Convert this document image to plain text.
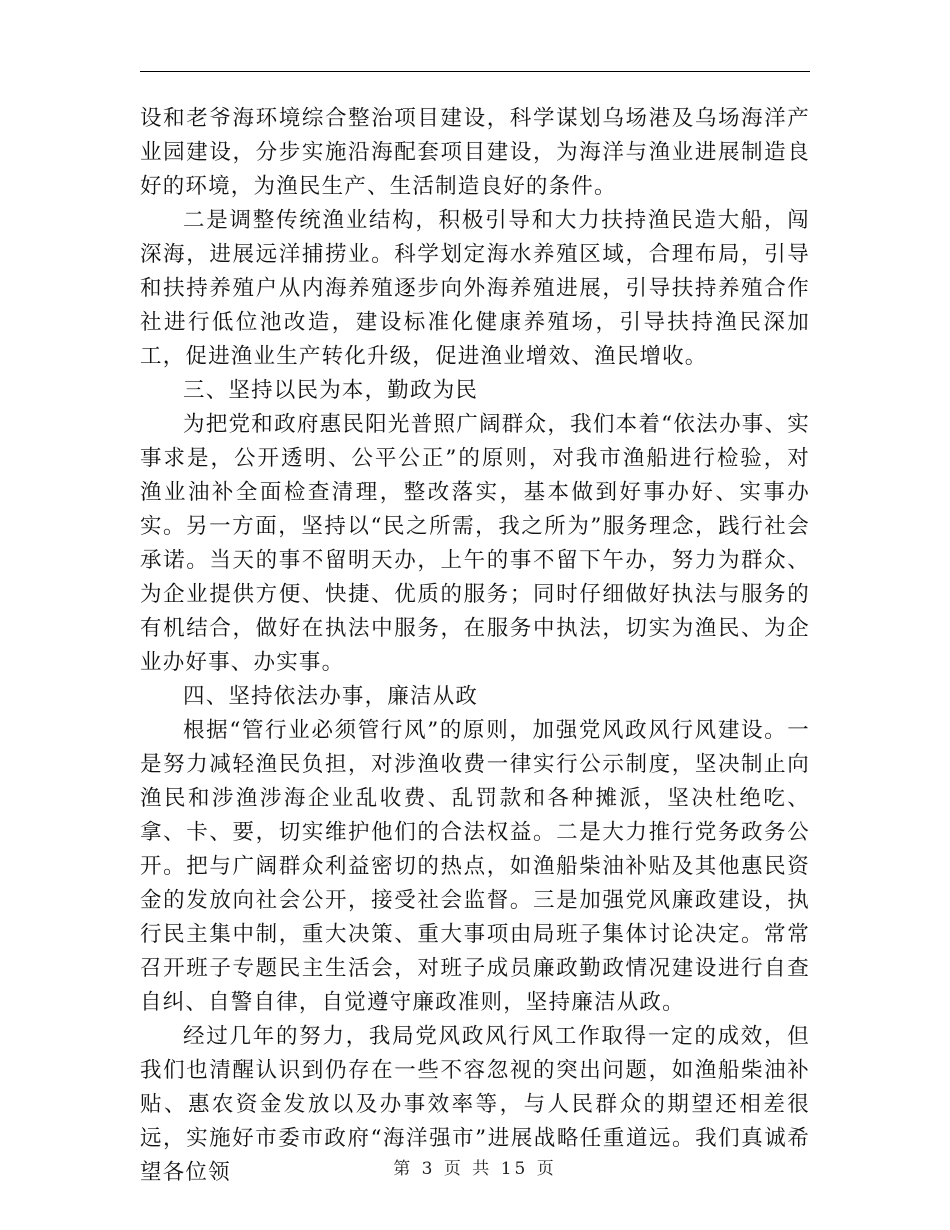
设和老爷海环境综合整治项目建设，科学谋划乌场港及乌场海洋产业园建设，分步实施沿海配套项目建设，为海洋与渔业进展制造良好的环境，为渔民生产、生活制造良好的条件。

二是调整传统渔业结构，积极引导和大力扶持渔民造大船，闯深海，进展远洋捕捞业。科学划定海水养殖区域，合理布局，引导和扶持养殖户从内海养殖逐步向外海养殖进展，引导扶持养殖合作社进行低位池改造，建设标准化健康养殖场，引导扶持渔民深加工，促进渔业生产转化升级，促进渔业增效、渔民增收。

三、坚持以民为本，勤政为民

为把党和政府惠民阳光普照广阔群众，我们本着“依法办事、实事求是，公开透明、公平公正”的原则，对我市渔船进行检验，对渔业油补全面检查清理，整改落实，基本做到好事办好、实事办实。另一方面，坚持以“民之所需，我之所为”服务理念，践行社会承诺。当天的事不留明天办，上午的事不留下午办，努力为群众、为企业提供方便、快捷、优质的服务；同时仔细做好执法与服务的有机结合，做好在执法中服务，在服务中执法，切实为渔民、为企业办好事、办实事。

四、坚持依法办事，廉洁从政

根据“管行业必须管行风”的原则，加强党风政风行风建设。一是努力减轻渔民负担，对涉渔收费一律实行公示制度，坚决制止向渔民和涉渔涉海企业乱收费、乱罚款和各种摊派，坚决杜绝吃、拿、卡、要，切实维护他们的合法权益。二是大力推行党务政务公开。把与广阔群众利益密切的热点，如渔船柴油补贴及其他惠民资金的发放向社会公开，接受社会监督。三是加强党风廉政建设，执行民主集中制，重大决策、重大事项由局班子集体讨论决定。常常召开班子专题民主生活会，对班子成员廉政勤政情况建设进行自查自纠、自警自律，自觉遵守廉政准则，坚持廉洁从政。

经过几年的努力，我局党风政风行风工作取得一定的成效，但我们也清醒认识到仍存在一些不容忽视的突出问题，如渔船柴油补贴、惠农资金发放以及办事效率等，与人民群众的期望还相差很远，实施好市委市政府“海洋强市”进展战略任重道远。我们真诚希望各位领	第 3 页 共 15 页
